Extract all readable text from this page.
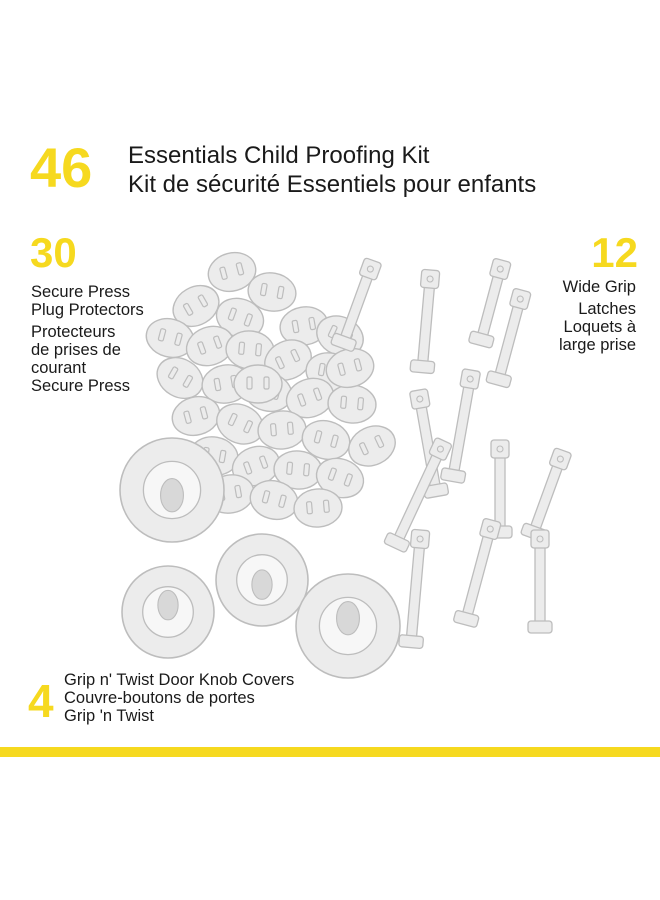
46 Essentials Child Proofing Kit
Kit de sécurité Essentiels pour enfants
30
Secure Press
Plug Protectors
Protecteurs
de prises de
courant
Secure Press
12
Wide Grip
Latches
Loquets à
large prise
4 Grip n' Twist Door Knob Covers
Couvre-boutons de portes
Grip 'n Twist
